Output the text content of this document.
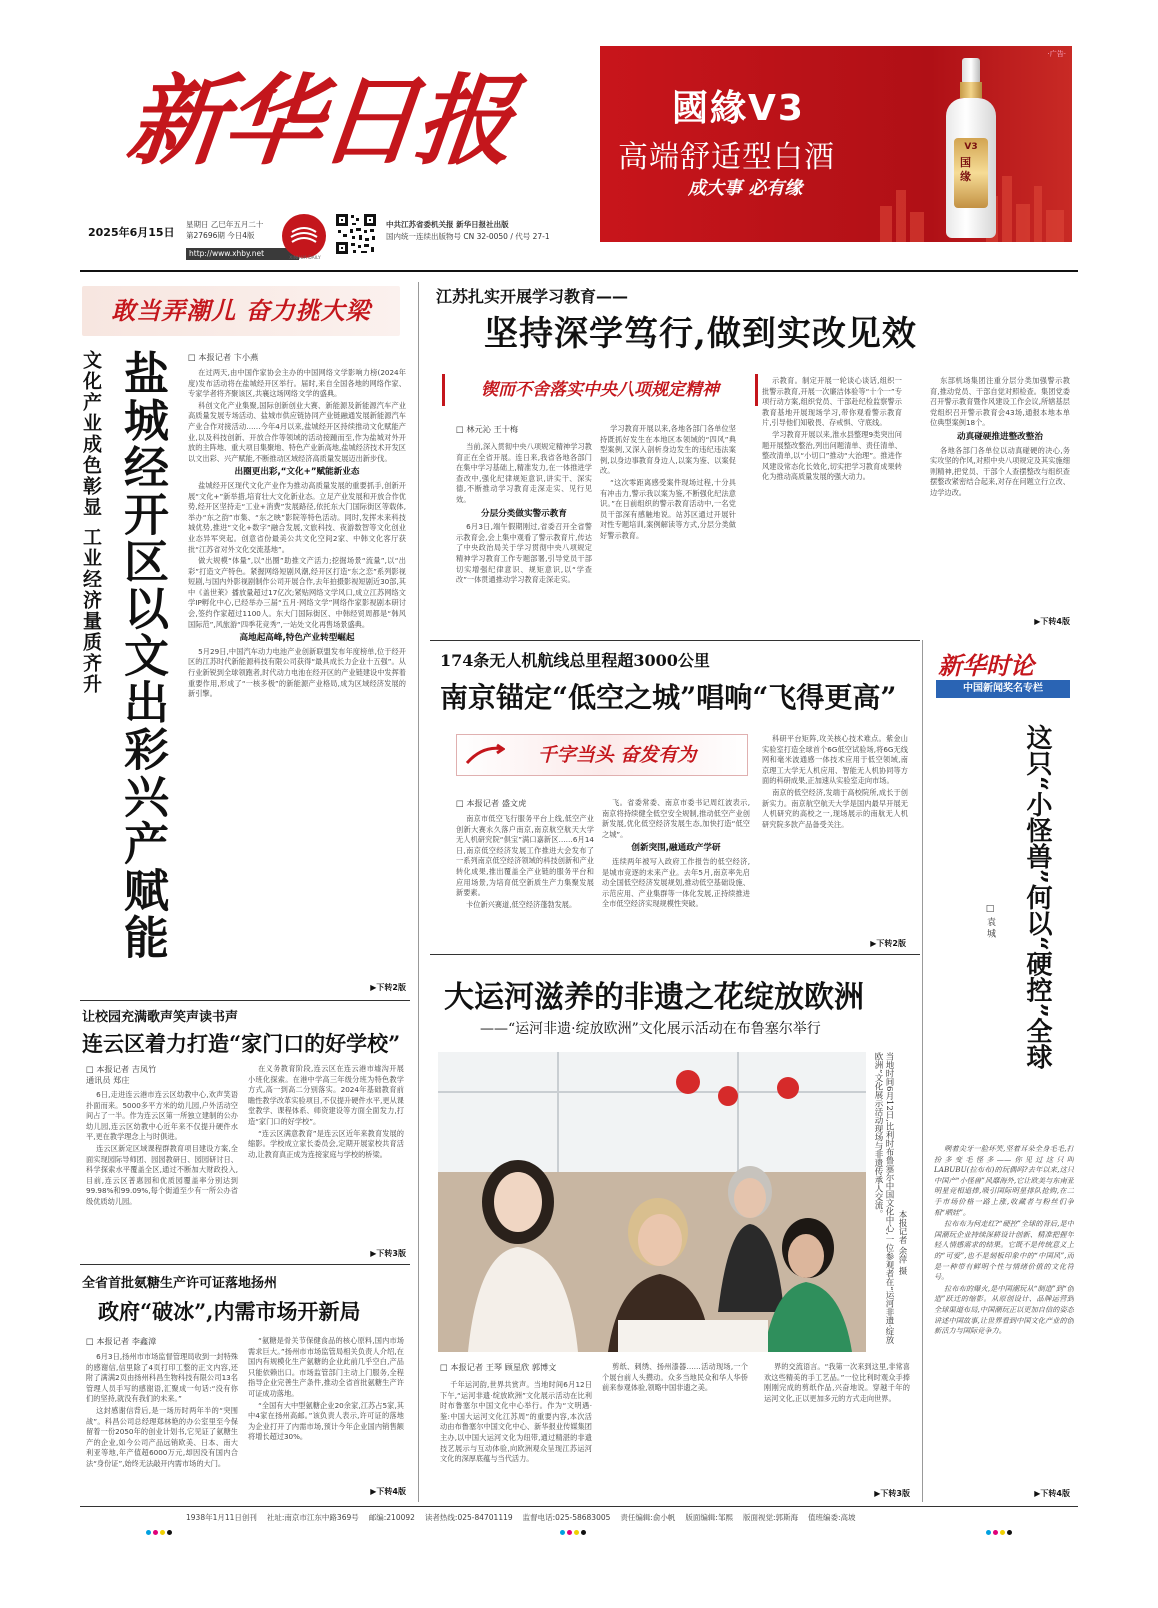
新华日报
2025年6月15日
星期日 乙巳年五月二十
第27696期 今日4版
http://www.xhby.net
XINHUA DAILY
中共江苏省委机关报 新华日报社出版
国内统一连续出版物号 CN 32-0050 / 代号 27-1
·广告·
國緣V3
高端舒适型白酒
成大事 必有缘
V3
国缘
敢当弄潮儿 奋力挑大梁
文化产业成色彰显 工业经济量质齐升 盐城经开区以文出彩兴产赋能 □ 本报记者 卞小燕

在过两天,由中国作家协会主办的中国网络文学影响力榜(2024年度)发布活动将在盐城经开区举行。届时,来自全国各地的网络作家、专家学者将齐聚该区,共襄这场网络文学的盛典。

科创文化产业集聚,国际创新创业大赛、新能源及新能源汽车产业高质量发展专场活动、盐城市供应链协同产业链融通发展新能源汽车产业合作对接活动……今年4月以来,盐城经开区持续推动文化赋能产业,以及科技创新、开放合作等领域的活动接踵而至,作为盐城对外开放的主阵地、重大项目集聚地、特色产业新高地,盐城经济技术开发区以文出彩、兴产赋能,不断推动区域经济高质量发展迈出新步伐。

出圈更出彩,“文化+”赋能新业态

盐城经开区现代文化产业作为推动高质量发展的重要抓手,创新开展“文化+”新举措,培育壮大文化新业态。立足产业发展和开放合作优势,经开区坚持走“工业+消费”发展路径,依托东大门国际街区等载体,举办“东之韵”市集、“东之映”影院等特色活动。同时,发挥未来科技城优势,推进“文化+数字”融合发展,文旅科技、夜游数智等文化创业业态异军突起。创意省份最美公共文化空间2家、中韩文化客厅获批“江苏省对外文化交流基地”。

做大规模“体量”,以“出圈”助推文产活力;挖掘场景“流量”,以“出彩”打造文产特色。紧握网络短剧风潮,经开区打造“东之恋”系列影视短剧,与国内外影视剧制作公司开展合作,去年拍摄影视短剧近30部,其中《盖世莱》播放量超过17亿次;紧贴网络文学风口,成立江苏网络文学IP孵化中心,已经举办三届“五月·网络文学”网络作家影视剧本研讨会,签约作家超过1100人。东大门国际街区、中韩经贸周都是“韩风国际范”,风旅游“四季花竞秀”,一站处文化再售场景盛典。

高地起高峰,特色产业转型崛起

5月29日,中国汽车动力电池产业创新联盟发布年度榜单,位于经开区的江苏时代新能源科技有限公司获得“最具成长力企业十五强”。从行业新锐到全球领跑者,时代动力电池在经开区的产业链建设中发挥着重要作用,形成了“一核多极”的新能源产业格局,成为区域经济发展的新引擎。

▶下转2版
让校园充满歌声笑声读书声
连云区着力打造“家门口的好学校”
□ 本报记者 吉凤竹 通讯员 郑庄

6日,走进连云港市连云区幼教中心,欢声笑语扑面而来。5000多平方米的幼儿园,户外活动空间占了一半。作为连云区第一所独立建制的公办幼儿园,连云区幼教中心近年来不仅提升硬件水平,更在教学理念上与时俱进。

连云区新定区域课程群教育项目建设方案,全面实现园际导师团、园园教研日、园园研讨日、科学探索水平覆盖全区,通过不断加大财政投入,目前,连云区普惠园和优质园覆盖率分别达到99.98%和99.09%,每个街道至少有一所公办省级优质幼儿园。

在义务教育阶段,连云区在连云港市墟沟开展小班化探索。在港中学高三年级分班为特色教学方式,高一到高二分别落实。2024年基础教育前瞻性教学改革实验项目,不仅提升硬件水平,更从课堂教学、课程体系、师资建设等方面全面发力,打造“家门口的好学校”。

“连云区满意教育”是连云区近年来教育发展的缩影。学校成立家长委员会,定期开展家校共育活动,让教育真正成为连接家庭与学校的桥梁。

▶下转3版
全省首批氨糖生产许可证落地扬州
政府“破冰”,内需市场开新局
□ 本报记者 李鑫漳

6月3日,扬州市市场监督管理局收到一封特殊的感谢信,信里除了4页打印工整的正文内容,还附了满满2页由扬州科昌生物科技有限公司13名管理人员手写的感谢语,汇聚成一句话:“没有你们的坚持,就没有我们的未来。”

这封感谢信背后,是一场历时两年半的“突围战”。科昌公司总经理郑林艳的办公室里至今保留着一份2050年的创业计划书,它见证了氨糖生产的企业,如今公司产品远销欧美、日本、南大利亚等地,年产值超6000万元,却因没有国内合法“身份证”,始终无法敲开内需市场的大门。

“氨糖是骨关节保健食品的核心原料,国内市场需求巨大。”扬州市市场监管局相关负责人介绍,在国内有规模化生产氨糖的企业此前几乎空白,产品只能依赖出口。市场监管部门主动上门服务,全程指导企业完善生产条件,推动全省首批氨糖生产许可证成功落地。

“全国有大中型氨糖企业20余家,江苏占5家,其中4家在扬州高邮。”该负责人表示,许可证的落地为企业打开了内需市场,预计今年企业国内销售额将增长超过30%。

▶下转4版
江苏扎实开展学习教育——
坚持深学笃行,做到实改见效
锲而不舍落实中央八项规定精神
□ 林元沁 王十梅

当前,深入贯彻中央八项规定精神学习教育正在全省开展。连日来,我省各地各部门在集中学习基础上,精准发力,在一体推进学查改中,强化纪律规矩意识,讲实干、深实德,不断推动学习教育走深走实、见行见效。

分层分类做实警示教育

6月3日,端午假期刚过,省委召开全省警示教育会,会上集中观看了警示教育片,传达了中央政治局关于学习贯彻中央八项规定精神学习教育工作专题部署,引导党员干部切实增强纪律意识、规矩意识,以“学查改”一体贯通推动学习教育走深走实。

学习教育开展以来,各地各部门各单位坚持既抓好发生在本地区本领域的“四风”典型案例,又深入剖析身边发生的违纪违法案例,以身边事教育身边人,以案为鉴、以案促改。

“这次零距离感受案件现场过程,十分具有冲击力,警示我以案为鉴,不断强化纪法意识。”在日前组织的警示教育活动中,一名党员干部深有感触地说。站苏区通过开展针对性专题培训,案例解读等方式,分层分类做好警示教育。

示教育。制定开展一轮谈心谈话,组织一批警示教育,开展一次廉洁体验等“十个一”专项行动方案,组织党员、干部赴纪检监察警示教育基地开展现场学习,带你观看警示教育片,引导他们知敬畏、存戒惧、守底线。

学习教育开展以来,淮水县整理9类突出问题开展整改整治,列出问题清单、责任清单、整改清单,以“小切口”推动“大治理”。推进作风建设常态化长效化,切实把学习教育成果转化为推动高质量发展的强大动力。

东部机场集团注重分层分类加强警示教育,推动党员、干部自觉对照检查。集团党委召开警示教育暨作风建设工作会议,所辖基层党组织召开警示教育会43场,通报本地本单位典型案例18个。

动真碰硬推进整改整治

各地各部门各单位以动真碰硬的决心,务实攻坚的作风,对照中央八项规定及其实施细则精神,把党员、干部个人查摆整改与组织查摆整改紧密结合起来,对存在问题立行立改、边学边改。

▶下转4版
174条无人机航线总里程超3000公里
南京锚定“低空之城”唱响“飞得更高”
千字当头 奋发有为
□ 本报记者 盛文虎

南京市低空飞行服务平台上线,低空产业创新大赛永久落户南京,南京航空航天大学无人机研究院“俱宝”满口嘉新区……6月14日,南京低空经济发展工作推进大会发布了一系列南京低空经济领域的科技创新和产业转化成果,推出覆盖全产业链的服务平台和应用场景,为培育低空新质生产力集聚发展新要素。

卡位新兴赛道,低空经济蓬勃发展。

飞。省委常委、南京市委书记周红波表示,南京将持续健全低空安全规制,推动低空产业创新发展,优化低空经济发展生态,加快打造“低空之城”。

创新突围,融通政产学研

连续两年被写入政府工作报告的低空经济,是城市竞逐的未来产业。去年5月,南京率先启动全国低空经济发展规划,推动低空基础设施、示范应用、产业集群等一体化发展,正持续推进全市低空经济实现规模性突破。

科研平台矩阵,攻关核心技术难点。紫金山实验室打造全球首个6G低空试验场,将6G无线网和毫米波通感一体技术应用于低空领域,南京理工大学无人机应用、智能无人机协同等方面的科研成果,正加速从实验室走向市场。

南京的低空经济,发端于高校院所,成长于创新实力。南京航空航天大学是国内最早开展无人机研究的高校之一,现场展示的南航无人机研究院多款产品备受关注。

▶下转2版
大运河滋养的非遗之花绽放欧洲
——“运河非遗·绽放欧洲”文化展示活动在布鲁塞尔举行
当地时间6月12日,比利时布鲁塞尔中国文化中心,一位参观者在“运河非遗·绽放欧洲”文化展示活动现场与非遗传承人交流。
本报记者 余萍 摄
□ 本报记者 王琴 顾星欣 郭博文

千年运河韵,世界共赏声。当地时间6月12日下午,“运河非遗·绽放欧洲”文化展示活动在比利时布鲁塞尔中国文化中心举行。作为“文明遇·鉴:中国大运河文化江苏周”的重要内容,本次活动由布鲁塞尔中国文化中心、新华报业传媒集团主办,以中国大运河文化为纽带,通过精湛的非遗技艺展示与互动体验,向欧洲观众呈现江苏运河文化的深厚底蕴与当代活力。

剪纸、刺绣、扬州漆器……活动现场,一个个展台前人头攒动。众多当地民众和华人华侨前来参观体验,领略中国非遗之美。

界的交流语言。“我第一次来到这里,非常喜欢这些精美的手工艺品。”一位比利时观众手捧刚刚完成的剪纸作品,兴奋地说。穿越千年的运河文化,正以更加多元的方式走向世界。

▶下转3版
新华时论
中国新闻奖名专栏
这只“小怪兽”何以“硬控”全球
□ 袁 城

咧着尖牙一脸坏笑,坚着耳朵全身毛毛,打扮多变毛怪多——你见过这只叫LABUBU(拉布布)的玩偶吗?去年以来,这只中国产“小怪兽”风靡海外,它让欧美与东南亚明星竞相追捧,吸引国际明星排队抢购,在二手市场价格一路上涨,收藏者与粉丝们争相“晒娃”。

拉布布为何走红?“硬控”全球的背后,是中国潮玩企业持续深耕设计创新、精准把握年轻人情感需求的结果。它既不是传统意义上的“可爱”,也不是刻板印象中的“中国风”,而是一种带有鲜明个性与情绪价值的文化符号。

拉布布的爆火,是中国潮玩从“制造”到“创造”跃迁的缩影。从原创设计、品牌运营到全球渠道布局,中国潮玩正以更加自信的姿态讲述中国故事,让世界看到中国文化产业的创新活力与国际竞争力。

▶下转4版
1938年1月11日创刊 社址:南京市江东中路369号 邮编:210092 读者热线:025-84701119 监督电话:025-58683005 责任编辑:俞小帆 版面编辑:邹熙 版面视觉:郭斯海 值班编委:高坡
